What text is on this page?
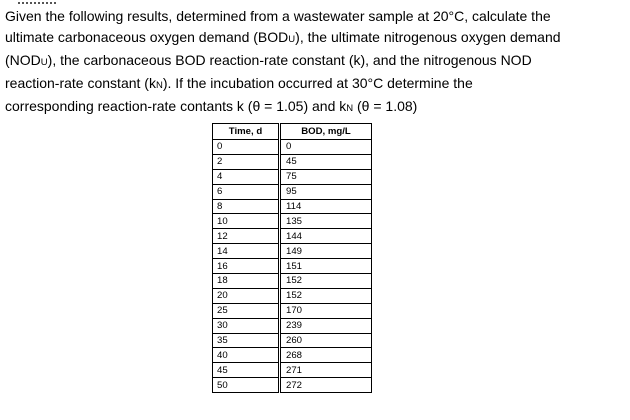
Given the following results, determined from a wastewater sample at 20°C, calculate the
ultimate carbonaceous oxygen demand (BODU), the ultimate nitrogenous oxygen demand
(NODU), the carbonaceous BOD reaction-rate constant (k), and the nitrogenous NOD
reaction-rate constant (kN). If the incubation occurred at 30°C determine the
corresponding reaction-rate contants k (θ = 1.05) and kN (θ = 1.08)

Time, d		BOD, mg/L
0		0
2		45
4		75
6		95
8		114
10		135
12		144
14		149
16		151
18		152
20		152
25		170
30		239
35		260
40		268
45		271
50		272
